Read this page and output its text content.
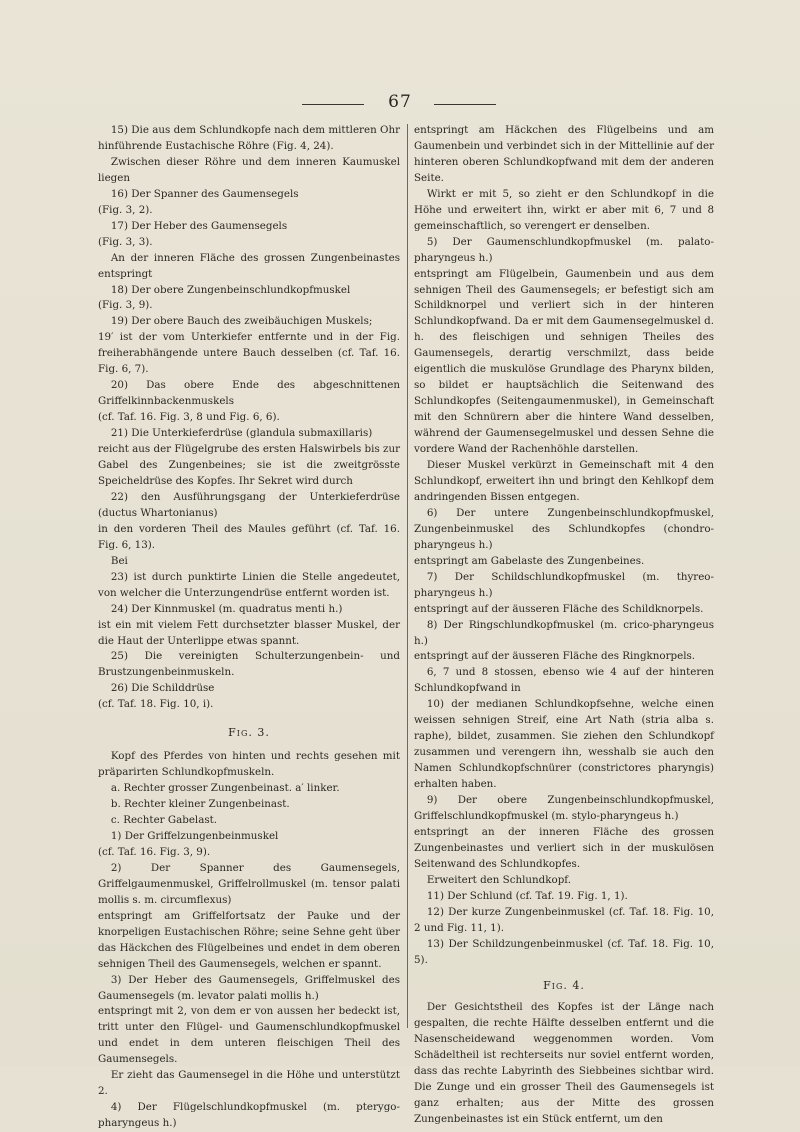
67

15) Die aus dem Schlundkopfe nach dem mittleren Ohr hinführende Eustachische Röhre (Fig. 4, 24).

Zwischen dieser Röhre und dem inneren Kaumuskel liegen

16) Der Spanner des Gaumensegels

(Fig. 3, 2).

17) Der Heber des Gaumensegels

(Fig. 3, 3).

An der inneren Fläche des grossen Zungenbeinastes entspringt

18) Der obere Zungenbeinschlundkopfmuskel

(Fig. 3, 9).

19) Der obere Bauch des zweibäuchigen Muskels;

19′ ist der vom Unterkiefer entfernte und in der Fig. freiherabhängende untere Bauch desselben (cf. Taf. 16. Fig. 6, 7).

20) Das obere Ende des abgeschnittenen Griffelkinnbackenmuskels

(cf. Taf. 16. Fig. 3, 8 und Fig. 6, 6).

21) Die Unterkieferdrüse (glandula submaxillaris)

reicht aus der Flügelgrube des ersten Halswirbels bis zur Gabel des Zungenbeines; sie ist die zweitgrösste Speicheldrüse des Kopfes. Ihr Sekret wird durch

22) den Ausführungsgang der Unterkieferdrüse (ductus Whartonianus)

in den vorderen Theil des Maules geführt (cf. Taf. 16. Fig. 6, 13).

Bei

23) ist durch punktirte Linien die Stelle angedeutet, von welcher die Unterzungendrüse entfernt worden ist.

24) Der Kinnmuskel (m. quadratus menti h.)

ist ein mit vielem Fett durchsetzter blasser Muskel, der die Haut der Unterlippe etwas spannt.

25) Die vereinigten Schulterzungenbein- und Brustzungenbeinmuskeln.

26) Die Schilddrüse

(cf. Taf. 18. Fig. 10, i).

Fig. 3.

Kopf des Pferdes von hinten und rechts gesehen mit präparirten Schlundkopfmuskeln.

a. Rechter grosser Zungenbeinast. a′ linker.

b. Rechter kleiner Zungenbeinast.

c. Rechter Gabelast.

1) Der Griffelzungenbeinmuskel

(cf. Taf. 16. Fig. 3, 9).

2) Der Spanner des Gaumensegels, Griffelgaumenmuskel, Griffelrollmuskel (m. tensor palati mollis s. m. circumflexus)

entspringt am Griffelfortsatz der Pauke und der knorpeligen Eustachischen Röhre; seine Sehne geht über das Häckchen des Flügelbeines und endet in dem oberen sehnigen Theil des Gaumensegels, welchen er spannt.

3) Der Heber des Gaumensegels, Griffelmuskel des Gaumensegels (m. levator palati mollis h.)

entspringt mit 2, von dem er von aussen her bedeckt ist, tritt unter den Flügel- und Gaumenschlundkopfmuskel und endet in dem unteren fleischigen Theil des Gaumensegels.

Er zieht das Gaumensegel in die Höhe und unterstützt 2.

4) Der Flügelschlundkopfmuskel (m. pterygo-pharyngeus h.)

entspringt am Häckchen des Flügelbeins und am Gaumenbein und verbindet sich in der Mittellinie auf der hinteren oberen Schlundkopfwand mit dem der anderen Seite.

Wirkt er mit 5, so zieht er den Schlundkopf in die Höhe und erweitert ihn, wirkt er aber mit 6, 7 und 8 gemeinschaftlich, so verengert er denselben.

5) Der Gaumenschlundkopfmuskel (m. palato-pharyngeus h.)

entspringt am Flügelbein, Gaumenbein und aus dem sehnigen Theil des Gaumensegels; er befestigt sich am Schildknorpel und verliert sich in der hinteren Schlundkopfwand. Da er mit dem Gaumensegelmuskel d. h. des fleischigen und sehnigen Theiles des Gaumensegels, derartig verschmilzt, dass beide eigentlich die muskulöse Grundlage des Pharynx bilden, so bildet er hauptsächlich die Seitenwand des Schlundkopfes (Seitengaumenmuskel), in Gemeinschaft mit den Schnürern aber die hintere Wand desselben, während der Gaumensegelmuskel und dessen Sehne die vordere Wand der Rachenhöhle darstellen.

Dieser Muskel verkürzt in Gemeinschaft mit 4 den Schlundkopf, erweitert ihn und bringt den Kehlkopf dem andringenden Bissen entgegen.

6) Der untere Zungenbeinschlundkopfmuskel, Zungenbeinmuskel des Schlundkopfes (chondro-pharyngeus h.)

entspringt am Gabelaste des Zungenbeines.

7) Der Schildschlundkopfmuskel (m. thyreo-pharyngeus h.)

entspringt auf der äusseren Fläche des Schildknorpels.

8) Der Ringschlundkopfmuskel (m. crico-pharyngeus h.)

entspringt auf der äusseren Fläche des Ringknorpels.

6, 7 und 8 stossen, ebenso wie 4 auf der hinteren Schlundkopfwand in

10) der medianen Schlundkopfsehne, welche einen weissen sehnigen Streif, eine Art Nath (stria alba s. raphe), bildet, zusammen. Sie ziehen den Schlundkopf zusammen und verengern ihn, wesshalb sie auch den Namen Schlundkopfschnürer (constrictores pharyngis) erhalten haben.

9) Der obere Zungenbeinschlundkopfmuskel, Griffelschlundkopfmuskel (m. stylo-pharyngeus h.)

entspringt an der inneren Fläche des grossen Zungenbeinastes und verliert sich in der muskulösen Seitenwand des Schlundkopfes.

Erweitert den Schlundkopf.

11) Der Schlund (cf. Taf. 19. Fig. 1, 1).

12) Der kurze Zungenbeinmuskel (cf. Taf. 18. Fig. 10, 2 und Fig. 11, 1).

13) Der Schildzungenbeinmuskel (cf. Taf. 18. Fig. 10, 5).

Fig. 4.

Der Gesichtstheil des Kopfes ist der Länge nach gespalten, die rechte Hälfte desselben entfernt und die Nasenscheidewand weggenommen worden. Vom Schädeltheil ist rechterseits nur soviel entfernt worden, dass das rechte Labyrinth des Siebbeines sichtbar wird. Die Zunge und ein grosser Theil des Gaumensegels ist ganz erhalten; aus der Mitte des grossen Zungenbeinastes ist ein Stück entfernt, um den
